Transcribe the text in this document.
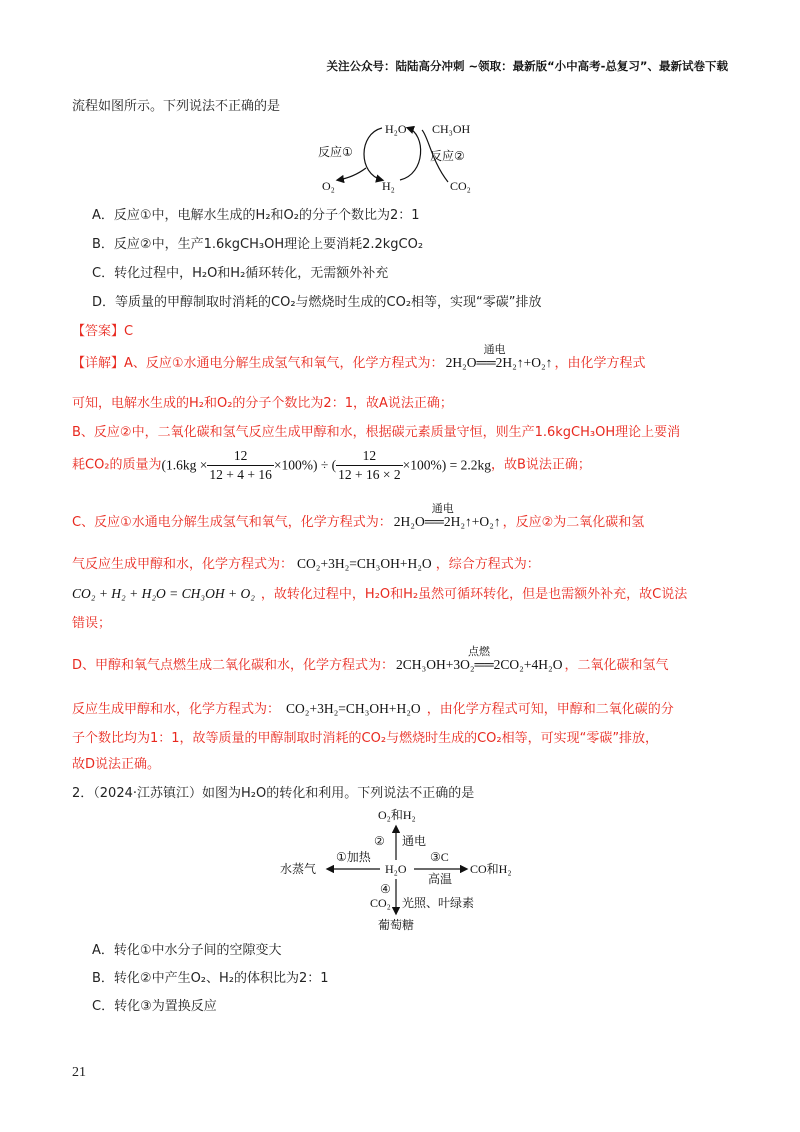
关注公众号：陆陆高分冲刺 ~领取：最新版“小中高考-总复习”、最新试卷下载
流程如图所示。下列说法不正确的是
H₂O CH₃OH
反应①	反应②
O₂	H₂	CO₂
A．反应①中，电解水生成的H₂和O₂的分子个数比为2：1
B．反应②中，生产1.6kgCH₃OH理论上要消耗2.2kgCO₂
C．转化过程中，H₂O和H₂循环转化，无需额外补充
D．等质量的甲醇制取时消耗的CO₂与燃烧时生成的CO₂相等，实现“零碳”排放
【答案】C
【详解】A、反应①水通电分解生成氢气和氧气，化学方程式为：
通电
2H₂O══2H₂↑+O₂↑ ，由化学方程式
可知，电解水生成的H₂和O₂的分子个数比为2：1，故A说法正确；
B、反应②中，二氧化碳和氢气反应生成甲醇和水，根据碳元素质量守恒，则生产1.6kgCH₃OH理论上要消
耗CO₂的质量为$(1.6kg \times \frac{12}{12 + 4 + 16} \times 100\%)$ ÷ ( $\frac{12}{12 + 16 \times 2} \times 100\%) = 2.2kg$，故B说法正确；
C、反应①水通电分解生成氢气和氧气，化学方程式为：
通电
2H₂O══2H₂↑+O₂↑ ，反应②为二氧化碳和氢
气反应生成甲醇和水，化学方程式为： CO₂+3H₂=CH₃OH+H₂O ，综合方程式为：
CO₂ + H₂ + H₂O = CH₃OH + O₂ ，故转化过程中，H₂O和H₂虽然可循环转化，但是也需额外补充，故C说法
错误；
D、甲醇和氧气点燃生成二氧化碳和水，化学方程式为：
点燃
2CH₃OH+3O₂══2CO₂+4H₂O ，二氧化碳和氢气
反应生成甲醇和水，化学方程式为： CO₂+3H₂=CH₃OH+H₂O ，由化学方程式可知，甲醇和二氧化碳的分
子个数比均为1：1，故等质量的甲醇制取时消耗的CO₂与燃烧时生成的CO₂相等，可实现“零碳”排放，
故D说法正确。
2．（2024·江苏镇江）如图为H₂O的转化和利用。下列说法不正确的是
O₂和H₂
② 通电
水蒸气
①加热
H₂O
③C
高温
CO和H₂
④
CO₂ 光照、叶绿素
葡萄糖
A．转化①中水分子间的空隙变大
B．转化②中产生O₂、H₂的体积比为2：1
C．转化③为置换反应
21
